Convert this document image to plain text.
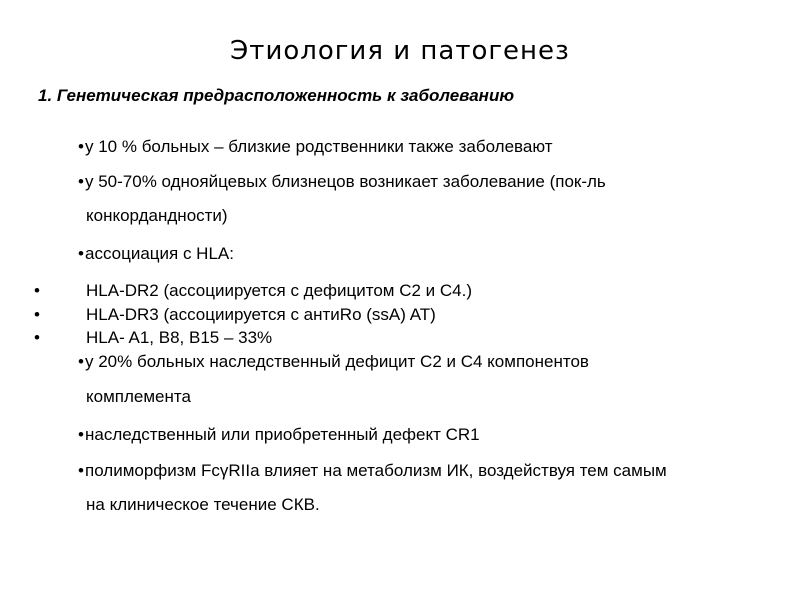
Этиология и патогенез

1. Генетическая предрасположенность к заболеванию

•у 10 % больных – близкие родственники также заболевают
•у 50-70% однояйцевых близнецов возникает заболевание (пок-ль
конкордандности)
•ассоциация с HLA:
•	HLA-DR2 (ассоциируется с дефицитом С2 и С4.)
•	HLA-DR3 (ассоциируется с антиRo (ssA) AT)
•	HLA- A1, B8, B15 – 33%
•у 20% больных наследственный дефицит С2 и С4 компонентов
комплемента
•наследственный или приобретенный дефект CR1
•полиморфизм FcγRIIa влияет на метаболизм ИК, воздействуя тем самым
на клиническое течение СКВ.
